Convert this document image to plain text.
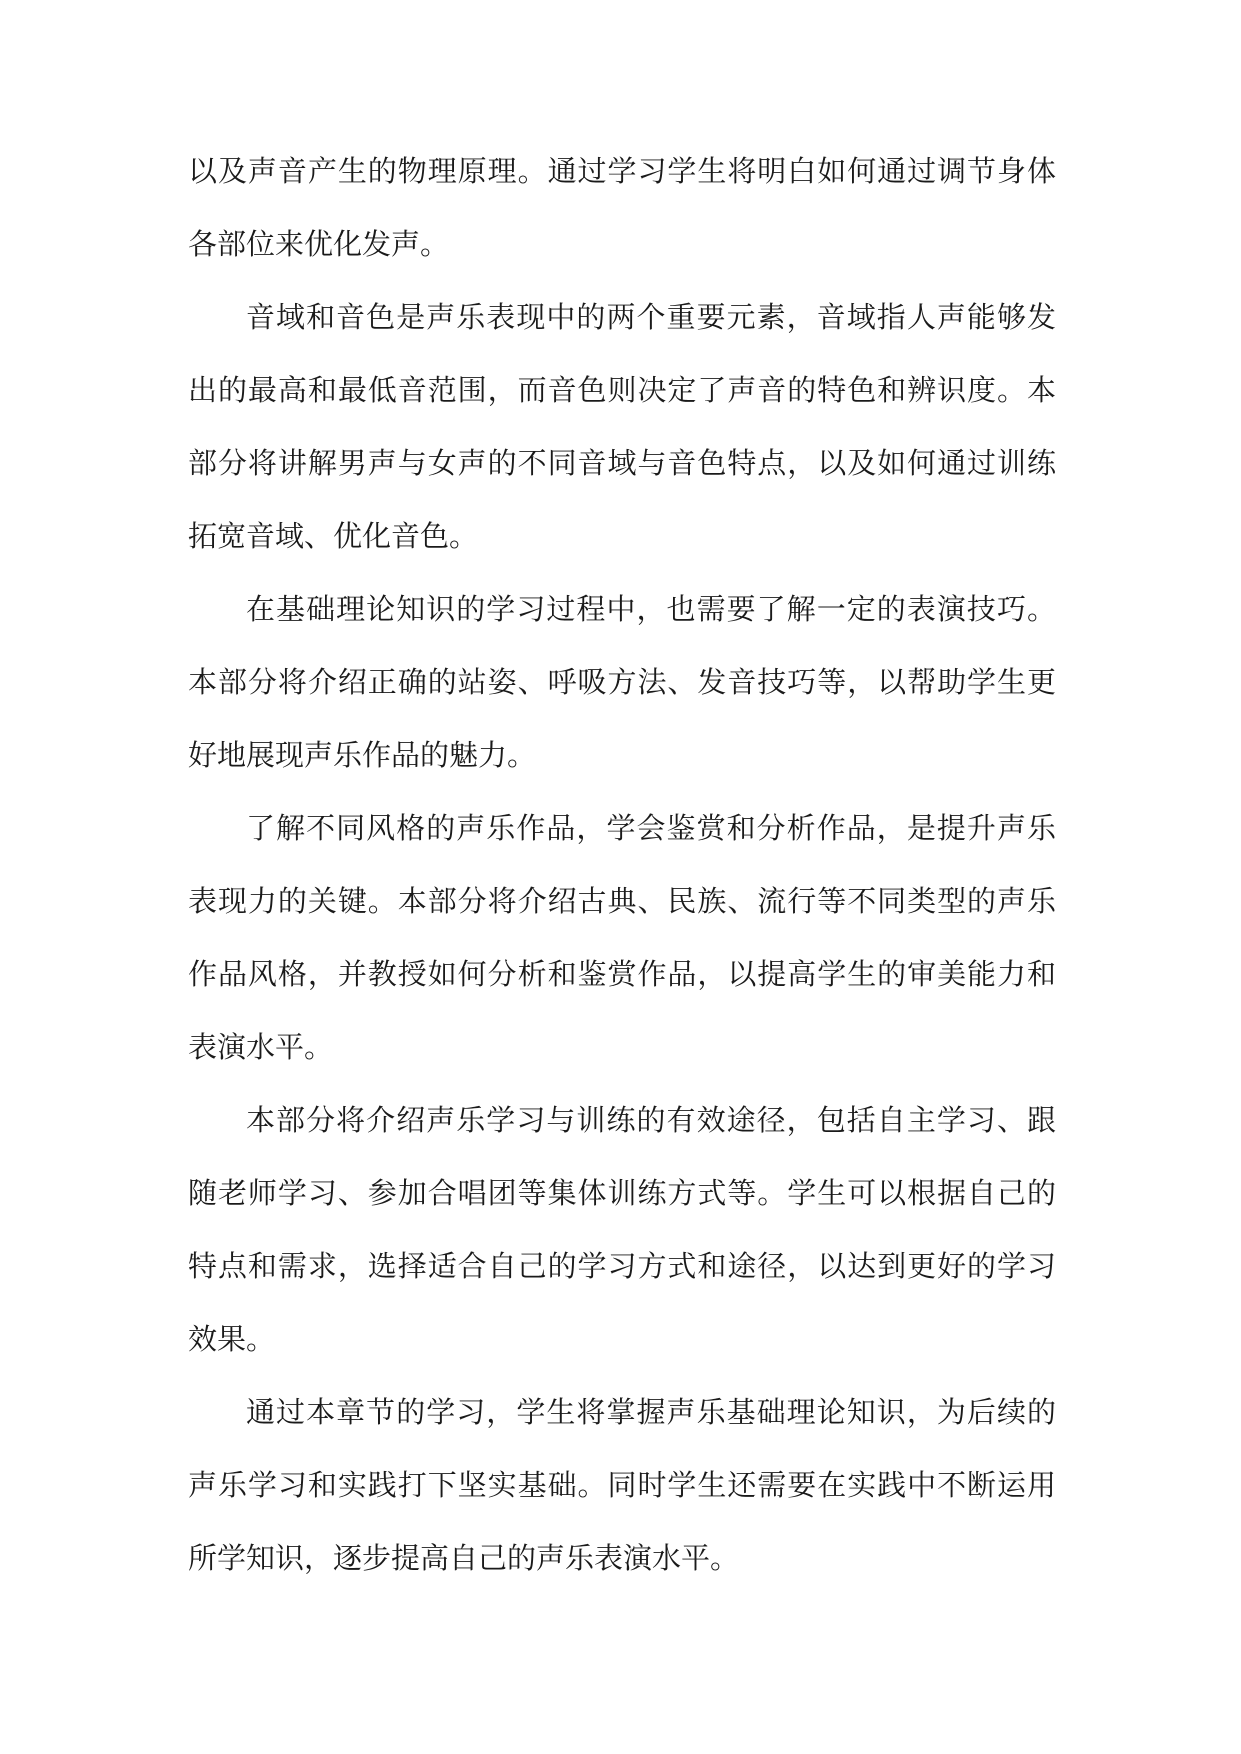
以及声音产生的物理原理。通过学习学生将明白如何通过调节身体各部位来优化发声。

音域和音色是声乐表现中的两个重要元素，音域指人声能够发出的最高和最低音范围，而音色则决定了声音的特色和辨识度。本部分将讲解男声与女声的不同音域与音色特点，以及如何通过训练拓宽音域、优化音色。

在基础理论知识的学习过程中，也需要了解一定的表演技巧。本部分将介绍正确的站姿、呼吸方法、发音技巧等，以帮助学生更好地展现声乐作品的魅力。

了解不同风格的声乐作品，学会鉴赏和分析作品，是提升声乐表现力的关键。本部分将介绍古典、民族、流行等不同类型的声乐作品风格，并教授如何分析和鉴赏作品，以提高学生的审美能力和表演水平。

本部分将介绍声乐学习与训练的有效途径，包括自主学习、跟随老师学习、参加合唱团等集体训练方式等。学生可以根据自己的特点和需求，选择适合自己的学习方式和途径，以达到更好的学习效果。

通过本章节的学习，学生将掌握声乐基础理论知识，为后续的声乐学习和实践打下坚实基础。同时学生还需要在实践中不断运用所学知识，逐步提高自己的声乐表演水平。
